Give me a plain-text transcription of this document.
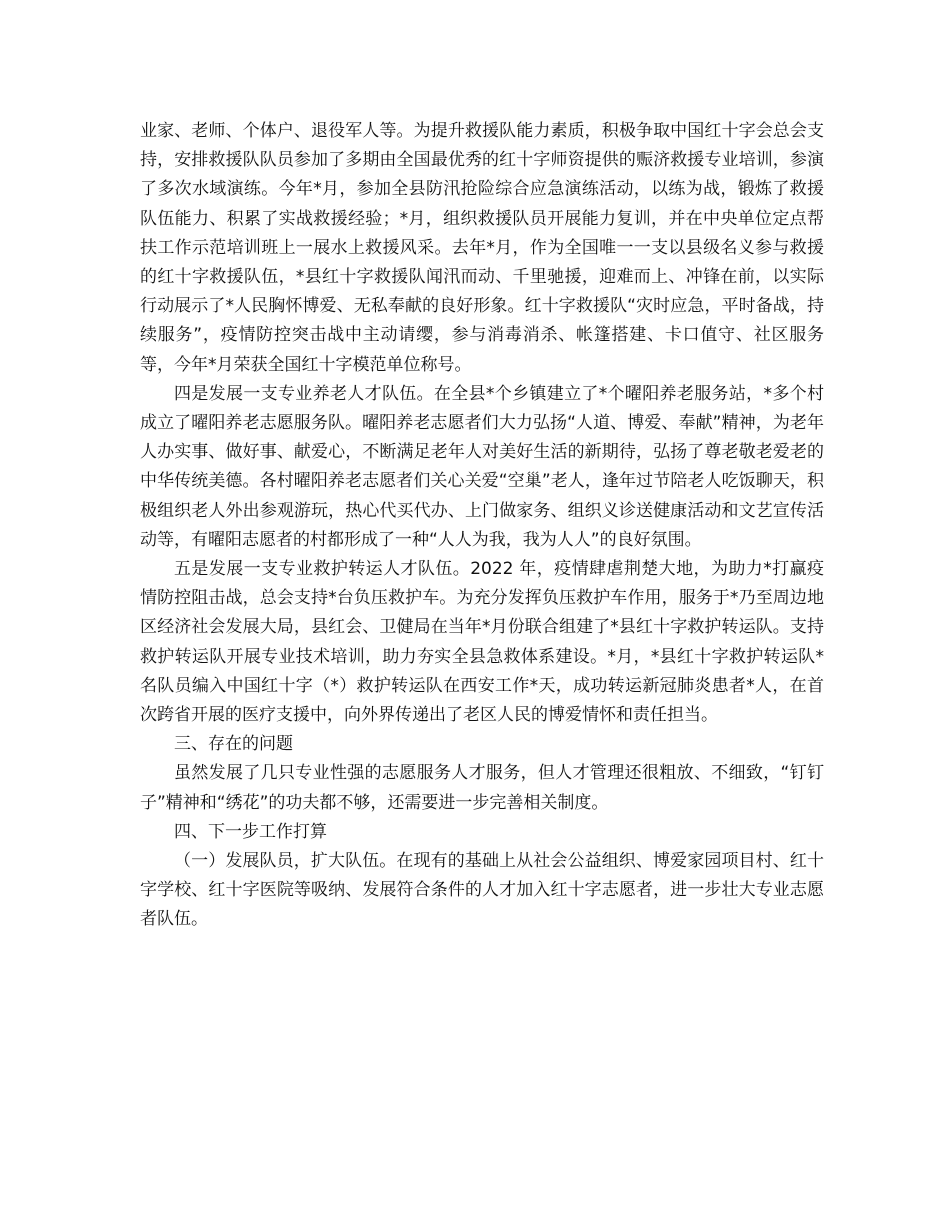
业家、老师、个体户、退役军人等。为提升救援队能力素质，积极争取中国红十字会总会支持，安排救援队队员参加了多期由全国最优秀的红十字师资提供的赈济救援专业培训，参演了多次水域演练。今年*月，参加全县防汛抢险综合应急演练活动，以练为战，锻炼了救援队伍能力、积累了实战救援经验；*月，组织救援队员开展能力复训，并在中央单位定点帮扶工作示范培训班上一展水上救援风采。去年*月，作为全国唯一一支以县级名义参与救援的红十字救援队伍，*县红十字救援队闻汛而动、千里驰援，迎难而上、冲锋在前，以实际行动展示了*人民胸怀博爱、无私奉献的良好形象。红十字救援队“灾时应急，平时备战，持续服务”，疫情防控突击战中主动请缨，参与消毒消杀、帐篷搭建、卡口值守、社区服务等，今年*月荣获全国红十字模范单位称号。

四是发展一支专业养老人才队伍。在全县*个乡镇建立了*个曜阳养老服务站，*多个村成立了曜阳养老志愿服务队。曜阳养老志愿者们大力弘扬“人道、博爱、奉献”精神，为老年人办实事、做好事、献爱心，不断满足老年人对美好生活的新期待，弘扬了尊老敬老爱老的中华传统美德。各村曜阳养老志愿者们关心关爱“空巢”老人，逢年过节陪老人吃饭聊天，积极组织老人外出参观游玩，热心代买代办、上门做家务、组织义诊送健康活动和文艺宣传活动等，有曜阳志愿者的村都形成了一种“人人为我，我为人人”的良好氛围。

五是发展一支专业救护转运人才队伍。2022 年，疫情肆虐荆楚大地，为助力*打赢疫情防控阻击战，总会支持*台负压救护车。为充分发挥负压救护车作用，服务于*乃至周边地区经济社会发展大局，县红会、卫健局在当年*月份联合组建了*县红十字救护转运队。支持救护转运队开展专业技术培训，助力夯实全县急救体系建设。*月，*县红十字救护转运队*名队员编入中国红十字（*）救护转运队在西安工作*天，成功转运新冠肺炎患者*人，在首次跨省开展的医疗支援中，向外界传递出了老区人民的博爱情怀和责任担当。

三、存在的问题

虽然发展了几只专业性强的志愿服务人才服务，但人才管理还很粗放、不细致，“钉钉子”精神和“绣花”的功夫都不够，还需要进一步完善相关制度。

四、下一步工作打算

（一）发展队员，扩大队伍。在现有的基础上从社会公益组织、博爱家园项目村、红十字学校、红十字医院等吸纳、发展符合条件的人才加入红十字志愿者，进一步壮大专业志愿者队伍。
